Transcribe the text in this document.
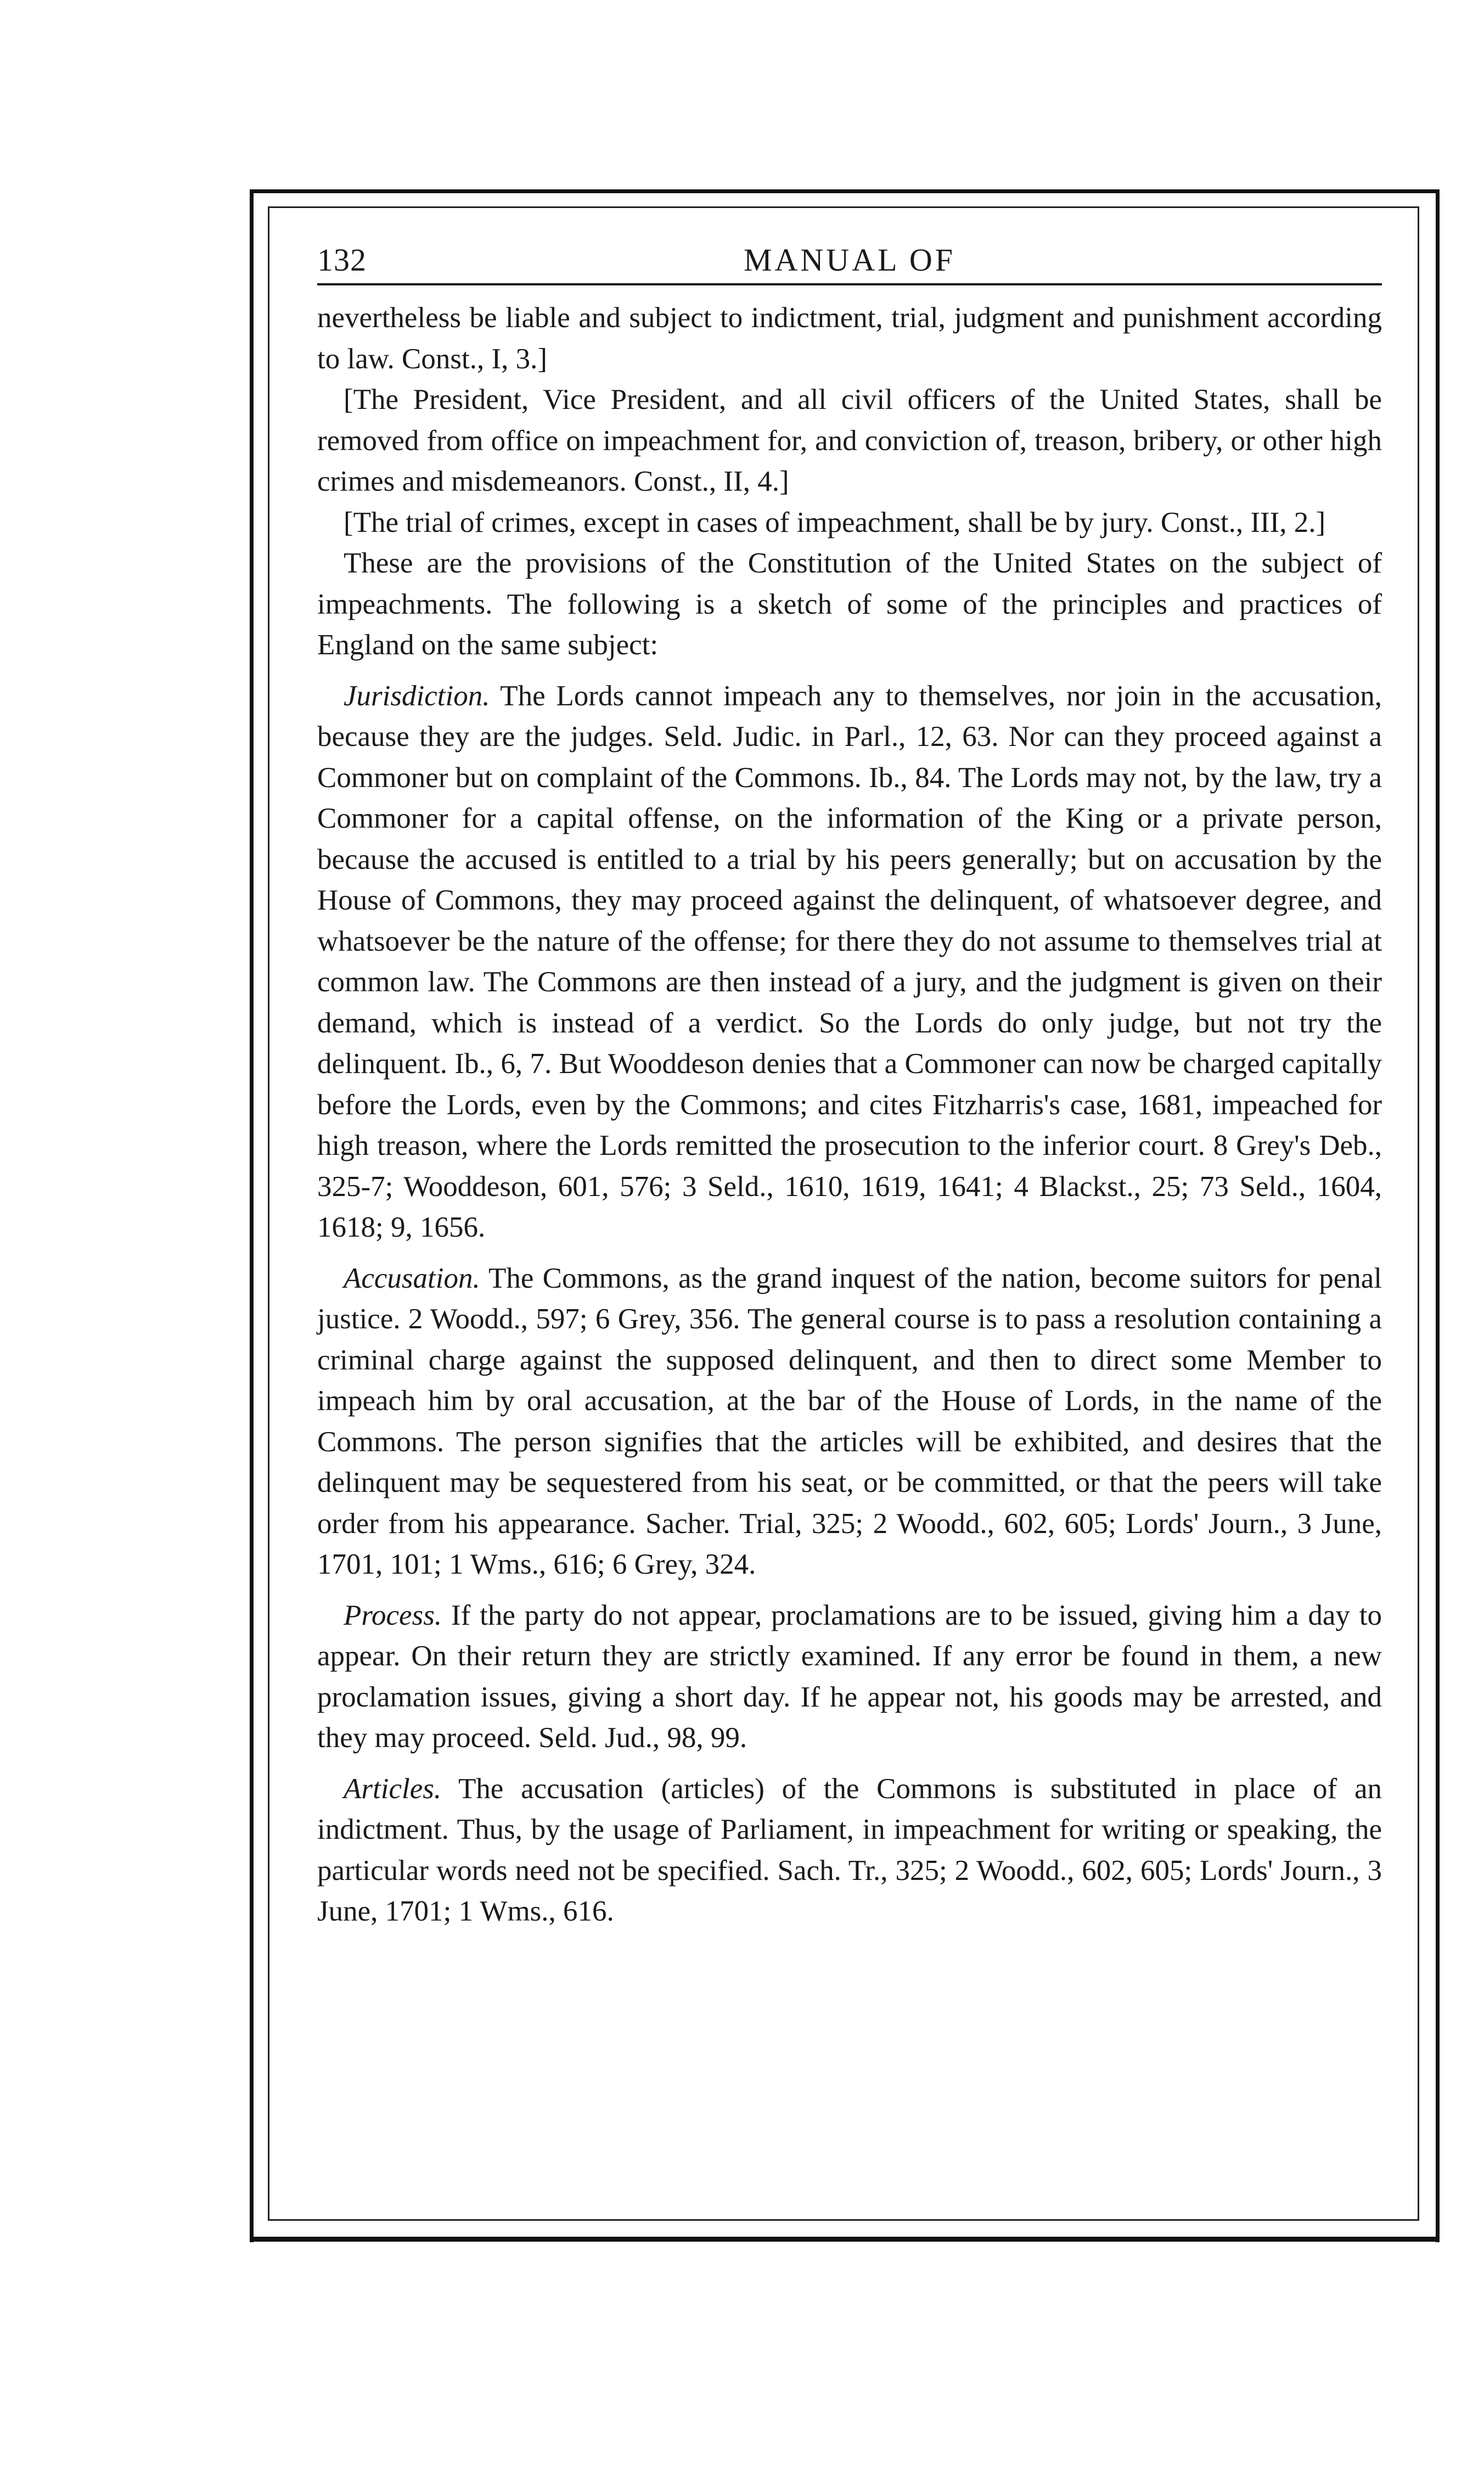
132	MANUAL OF

nevertheless be liable and subject to indictment, trial, judgment and punishment according to law. Const., I, 3.]

[The President, Vice President, and all civil officers of the United States, shall be removed from office on impeachment for, and conviction of, treason, bribery, or other high crimes and misdemeanors. Const., II, 4.]

[The trial of crimes, except in cases of impeachment, shall be by jury. Const., III, 2.]

These are the provisions of the Constitution of the United States on the subject of impeachments. The following is a sketch of some of the principles and practices of England on the same subject:

Jurisdiction. The Lords cannot impeach any to themselves, nor join in the accusation, because they are the judges. Seld. Judic. in Parl., 12, 63. Nor can they proceed against a Commoner but on complaint of the Commons. Ib., 84. The Lords may not, by the law, try a Commoner for a capital offense, on the information of the King or a private person, because the accused is entitled to a trial by his peers generally; but on accusation by the House of Commons, they may proceed against the delinquent, of whatsoever degree, and whatsoever be the nature of the offense; for there they do not assume to themselves trial at common law. The Commons are then instead of a jury, and the judgment is given on their demand, which is instead of a verdict. So the Lords do only judge, but not try the delinquent. Ib., 6, 7. But Wooddeson denies that a Commoner can now be charged capitally before the Lords, even by the Commons; and cites Fitzharris's case, 1681, impeached for high treason, where the Lords remitted the prosecution to the inferior court. 8 Grey's Deb., 325-7; Wooddeson, 601, 576; 3 Seld., 1610, 1619, 1641; 4 Blackst., 25; 73 Seld., 1604, 1618; 9, 1656.

Accusation. The Commons, as the grand inquest of the nation, become suitors for penal justice. 2 Woodd., 597; 6 Grey, 356. The general course is to pass a resolution containing a criminal charge against the supposed delinquent, and then to direct some Member to impeach him by oral accusation, at the bar of the House of Lords, in the name of the Commons. The person signifies that the articles will be exhibited, and desires that the delinquent may be sequestered from his seat, or be committed, or that the peers will take order from his appearance. Sacher. Trial, 325; 2 Woodd., 602, 605; Lords' Journ., 3 June, 1701, 101; 1 Wms., 616; 6 Grey, 324.

Process. If the party do not appear, proclamations are to be issued, giving him a day to appear. On their return they are strictly examined. If any error be found in them, a new proclamation issues, giving a short day. If he appear not, his goods may be arrested, and they may proceed. Seld. Jud., 98, 99.

Articles. The accusation (articles) of the Commons is substituted in place of an indictment. Thus, by the usage of Parliament, in impeachment for writing or speaking, the particular words need not be specified. Sach. Tr., 325; 2 Woodd., 602, 605; Lords' Journ., 3 June, 1701; 1 Wms., 616.
